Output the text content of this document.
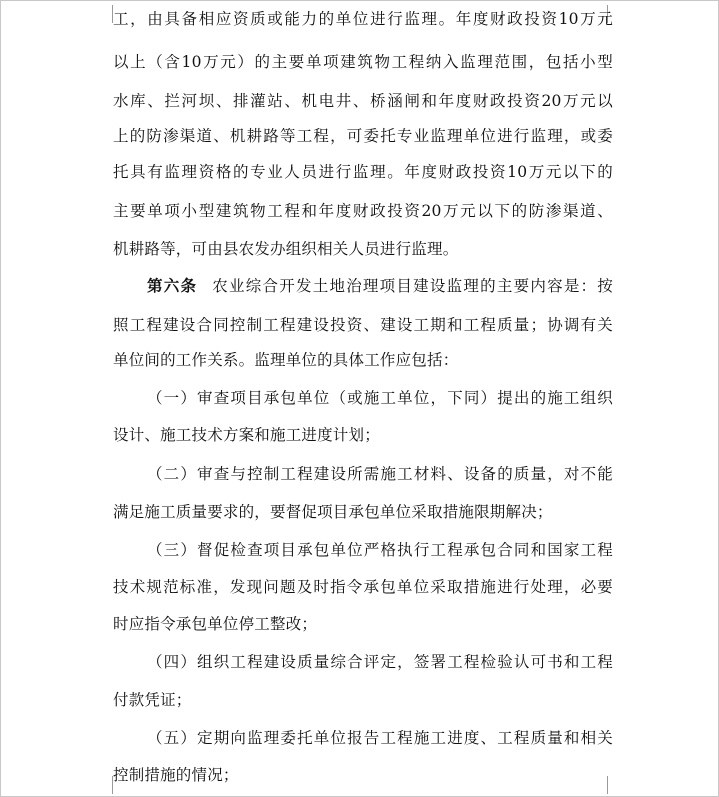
工，由具备相应资质或能力的单位进行监理。年度财政投资10万元
以上（含10万元）的主要单项建筑物工程纳入监理范围，包括小型
水库、拦河坝、排灌站、机电井、桥涵闸和年度财政投资20万元以
上的防渗渠道、机耕路等工程，可委托专业监理单位进行监理，或委
托具有监理资格的专业人员进行监理。年度财政投资10万元以下的
主要单项小型建筑物工程和年度财政投资20万元以下的防渗渠道、
机耕路等，可由县农发办组织相关人员进行监理。
第六条 农业综合开发土地治理项目建设监理的主要内容是：按
照工程建设合同控制工程建设投资、建设工期和工程质量；协调有关
单位间的工作关系。监理单位的具体工作应包括：
（一）审查项目承包单位（或施工单位，下同）提出的施工组织
设计、施工技术方案和施工进度计划；
（二）审查与控制工程建设所需施工材料、设备的质量，对不能
满足施工质量要求的，要督促项目承包单位采取措施限期解决；
（三）督促检查项目承包单位严格执行工程承包合同和国家工程
技术规范标准，发现问题及时指令承包单位采取措施进行处理，必要
时应指令承包单位停工整改；
（四）组织工程建设质量综合评定，签署工程检验认可书和工程
付款凭证；
（五）定期向监理委托单位报告工程施工进度、工程质量和相关
控制措施的情况；
